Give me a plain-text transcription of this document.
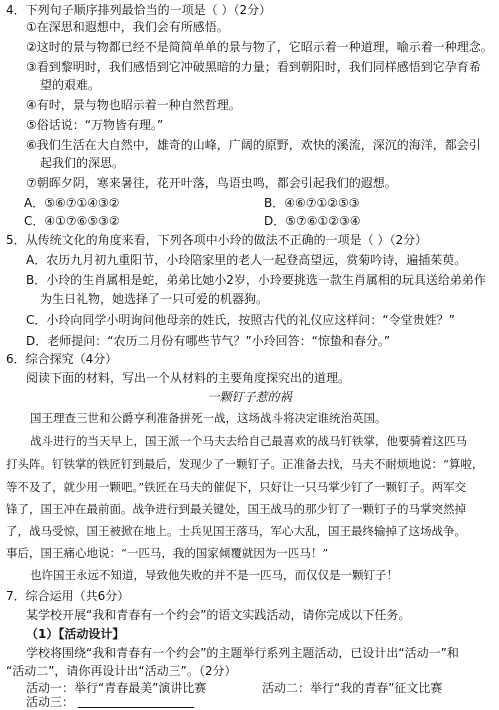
4．下列句子顺序排列最恰当的一项是（ ）（2分）
①在深思和遐想中，我们会有所感悟。
②这时的景与物都已经不是简简单单的景与物了，它昭示着一种道理，喻示着一种理念。
③看到黎明时，我们感悟到它冲破黑暗的力量；看到朝阳时，我们同样感悟到它孕育希
望的艰难。
④有时，景与物也昭示着一种自然哲理。
⑤俗话说：“万物皆有理。”
⑥我们生活在大自然中，雄奇的山峰，广阔的原野，欢快的溪流，深沉的海洋，都会引
起我们的深思。
⑦朝晖夕阴，寒来暑往，花开叶落，鸟语虫鸣，都会引起我们的遐想。
A．⑤⑥⑦①④③②	B．④⑥⑦①②⑤③
C．④①⑦⑥⑤③②	D．⑤⑦⑥①②③④
5．从传统文化的角度来看，下列各项中小玲的做法不正确的一项是（ ）（2分）
A．农历九月初九重阳节，小玲陪家里的老人一起登高望远，赏菊吟诗，遍插茱萸。
B．小玲的生肖属相是蛇，弟弟比她小2岁，小玲要挑选一款生肖属相的玩具送给弟弟作
为生日礼物，她选择了一只可爱的机器狗。
C．小玲向同学小明询问他母亲的姓氏，按照古代的礼仪应这样问：“令堂贵姓？”
D．老师提问：“农历二月份有哪些节气？”小玲回答：“惊蛰和春分。”
6．综合探究（4分）
阅读下面的材料，写出一个从材料的主要角度探究出的道理。
一颗钉子惹的祸
国王理查三世和公爵亨利准备拼死一战，这场战斗将决定谁统治英国。
战斗进行的当天早上，国王派一个马夫去给自己最喜欢的战马钉铁掌，他要骑着这匹马
打头阵。钉铁掌的铁匠钉到最后，发现少了一颗钉子。正准备去找，马夫不耐烦地说：“算啦，
等不及了，就少用一颗吧。”铁匠在马夫的催促下，只好让一只马掌少钉了一颗钉子。两军交
锋了，国王冲在最前面。战争进行到最关键处，国王战马的那少钉了一颗钉子的马掌突然掉
了，战马受惊，国王被掀在地上。士兵见国王落马，军心大乱，国王最终输掉了这场战争。
事后，国王痛心地说：“一匹马，我的国家倾覆就因为一匹马！”
也许国王永远不知道，导致他失败的并不是一匹马，而仅仅是一颗钉子！
7．综合运用（共6分）
某学校开展“我和青春有一个约会”的语文实践活动，请你完成以下任务。
（1）【活动设计】
学校将围绕“我和青春有一个约会”的主题举行系列主题活动，已设计出“活动一”和
“活动二”，请你再设计出“活动三”。（2分）
活动一：举行“青春最美”演讲比赛	活动二：举行“我的青春”征文比赛
活动三：
